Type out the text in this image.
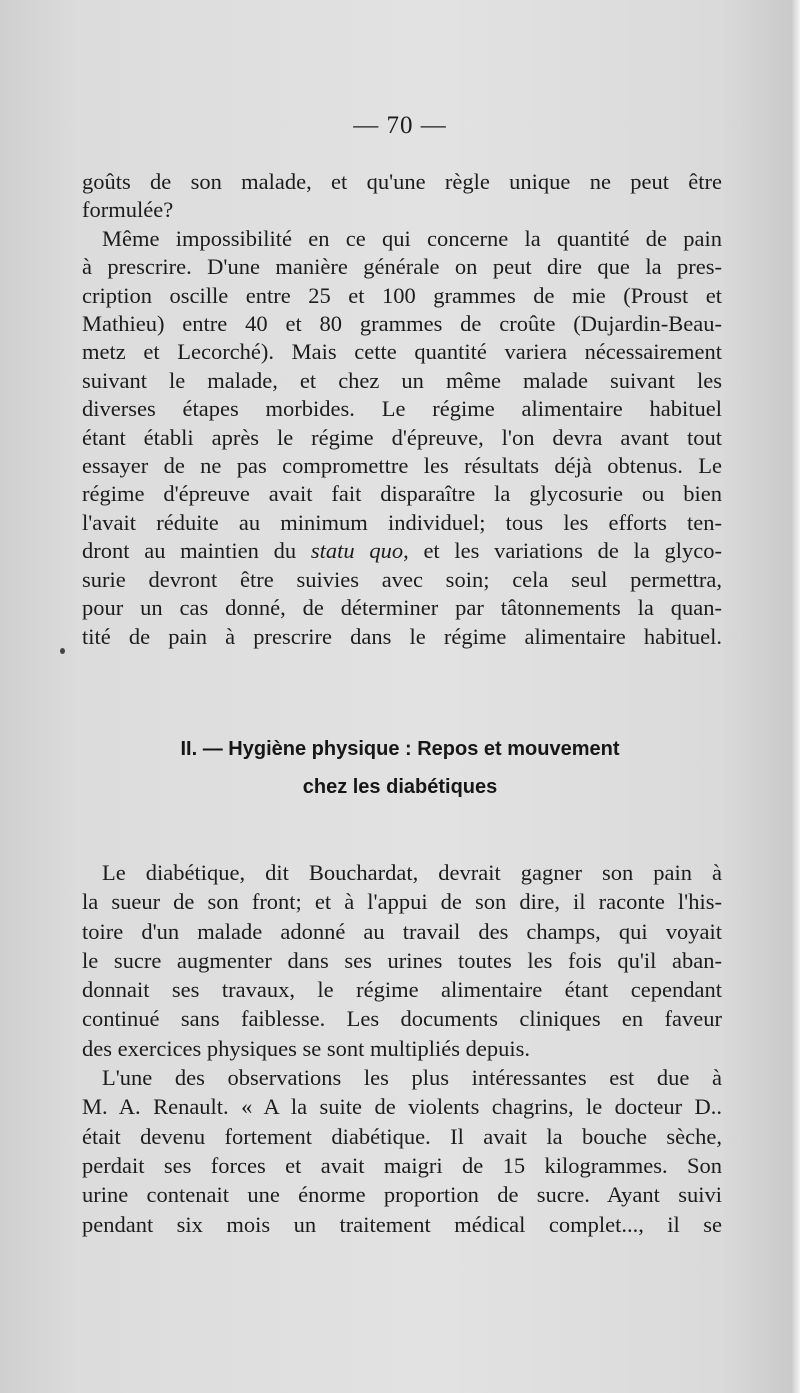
— 70 —
goûts de son malade, et qu'une règle unique ne peut être
formulée?
Même impossibilité en ce qui concerne la quantité de pain
à prescrire. D'une manière générale on peut dire que la pres-
cription oscille entre 25 et 100 grammes de mie (Proust et
Mathieu) entre 40 et 80 grammes de croûte (Dujardin-Beau-
metz et Lecorché). Mais cette quantité variera nécessairement
suivant le malade, et chez un même malade suivant les
diverses étapes morbides. Le régime alimentaire habituel
étant établi après le régime d'épreuve, l'on devra avant tout
essayer de ne pas compromettre les résultats déjà obtenus. Le
régime d'épreuve avait fait disparaître la glycosurie ou bien
l'avait réduite au minimum individuel; tous les efforts ten-
dront au maintien du statu quo, et les variations de la glyco-
surie devront être suivies avec soin; cela seul permettra,
pour un cas donné, de déterminer par tâtonnements la quan-
tité de pain à prescrire dans le régime alimentaire habituel.
II. — Hygiène physique : Repos et mouvement
chez les diabétiques
Le diabétique, dit Bouchardat, devrait gagner son pain à
la sueur de son front; et à l'appui de son dire, il raconte l'his-
toire d'un malade adonné au travail des champs, qui voyait
le sucre augmenter dans ses urines toutes les fois qu'il aban-
donnait ses travaux, le régime alimentaire étant cependant
continué sans faiblesse. Les documents cliniques en faveur
des exercices physiques se sont multipliés depuis.
L'une des observations les plus intéressantes est due à
M. A. Renault. « A la suite de violents chagrins, le docteur D..
était devenu fortement diabétique. Il avait la bouche sèche,
perdait ses forces et avait maigri de 15 kilogrammes. Son
urine contenait une énorme proportion de sucre. Ayant suivi
pendant six mois un traitement médical complet..., il se
